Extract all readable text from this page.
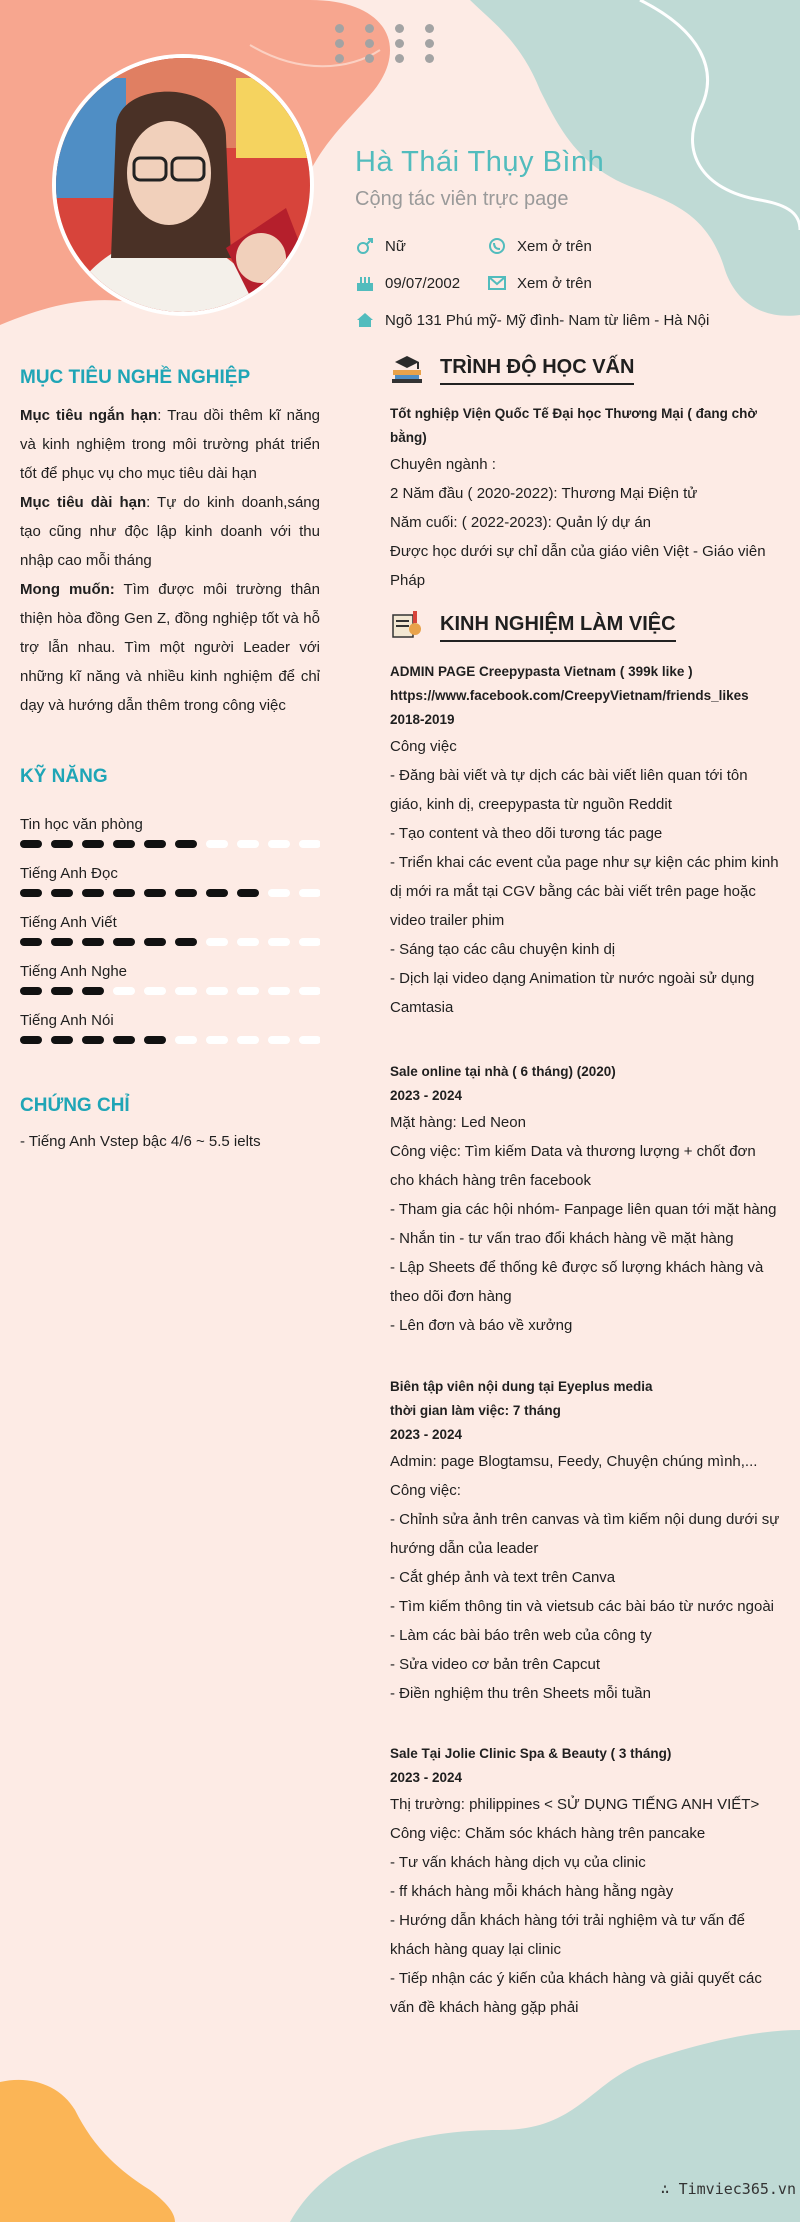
Hà Thái Thụy Bình
Cộng tác viên trực page
Nữ	Xem ở trên
09/07/2002	Xem ở trên
Ngõ 131 Phú mỹ- Mỹ đình- Nam từ liêm - Hà Nội
MỤC TIÊU NGHỀ NGHIỆP
Mục tiêu ngắn hạn: Trau dồi thêm kĩ năng và kinh nghiệm trong môi trường phát triển tốt để phục vụ cho mục tiêu dài hạn
Mục tiêu dài hạn: Tự do kinh doanh,sáng tạo cũng như độc lập kinh doanh với thu nhập cao mỗi tháng
Mong muốn: Tìm được môi trường thân thiện hòa đồng Gen Z, đồng nghiệp tốt và hỗ trợ lẫn nhau. Tìm một người Leader với những kĩ năng và nhiều kinh nghiệm để chỉ dạy và hướng dẫn thêm trong công việc
KỸ NĂNG
Tin học văn phòng
Tiếng Anh Đọc
Tiếng Anh Viết
Tiếng Anh Nghe
Tiếng Anh Nói
CHỨNG CHỈ
- Tiếng Anh Vstep bậc 4/6 ~ 5.5 ielts
TRÌNH ĐỘ HỌC VẤN
Tốt nghiệp Viện Quốc Tế Đại học Thương Mại ( đang chờ bằng)
Chuyên ngành :
2 Năm đầu ( 2020-2022): Thương Mại Điện tử
Năm cuối: ( 2022-2023): Quản lý dự án
Được học dưới sự chỉ dẫn của giáo viên Việt - Giáo viên Pháp
KINH NGHIỆM LÀM VIỆC
ADMIN PAGE Creepypasta Vietnam ( 399k like )
https://www.facebook.com/CreepyVietnam/friends_likes
2018-2019
Công việc
- Đăng bài viết và tự dịch các bài viết liên quan tới tôn giáo, kinh dị, creepypasta từ nguồn Reddit
- Tạo content và theo dõi tương tác page
- Triển khai các event của page như sự kiện các phim kinh dị mới ra mắt tại CGV bằng các bài viết trên page hoặc video trailer phim
- Sáng tạo các câu chuyện kinh dị
- Dịch lại video dạng Animation từ nước ngoài sử dụng Camtasia
Sale online tại nhà ( 6 tháng) (2020)
2023 - 2024
Mặt hàng: Led Neon
Công việc: Tìm kiếm Data và thương lượng + chốt đơn cho khách hàng trên facebook
- Tham gia các hội nhóm- Fanpage liên quan tới mặt hàng
- Nhắn tin - tư vấn trao đổi khách hàng về mặt hàng
- Lập Sheets để thống kê được số lượng khách hàng và theo dõi đơn hàng
- Lên đơn và báo về xưởng
Biên tập viên nội dung tại Eyeplus media
thời gian làm việc: 7 tháng
2023 - 2024
Admin: page Blogtamsu, Feedy, Chuyện chúng mình,...
Công việc:
- Chỉnh sửa ảnh trên canvas và tìm kiếm nội dung dưới sự hướng dẫn của leader
- Cắt ghép ảnh và text trên Canva
- Tìm kiếm thông tin và vietsub các bài báo từ nước ngoài
- Làm các bài báo trên web của công ty
- Sửa video cơ bản trên Capcut
- Điền nghiệm thu trên Sheets mỗi tuần
Sale Tại Jolie Clinic Spa & Beauty ( 3 tháng)
2023 - 2024
Thị trường: philippines < SỬ DỤNG TIẾNG ANH VIẾT>
Công việc: Chăm sóc khách hàng trên pancake
- Tư vấn khách hàng dịch vụ của clinic
- ff khách hàng mỗi khách hàng hằng ngày
- Hướng dẫn khách hàng tới trải nghiệm và tư vấn để khách hàng quay lại clinic
- Tiếp nhận các ý kiến của khách hàng và giải quyết các vấn đề khách hàng gặp phải
∴ Timviec365.vn
